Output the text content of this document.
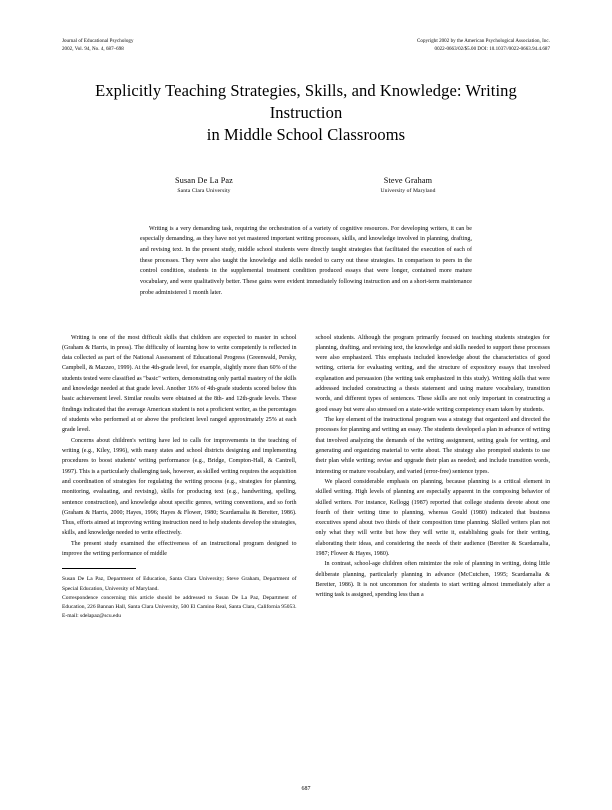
Journal of Educational Psychology
2002, Vol. 94, No. 4, 687–698
Copyright 2002 by the American Psychological Association, Inc.
0022-0663/02/$5.00 DOI: 10.1037//0022-0663.94.4.687
Explicitly Teaching Strategies, Skills, and Knowledge: Writing Instruction
in Middle School Classrooms
Susan De La Paz
Santa Clara University
Steve Graham
University of Maryland
Writing is a very demanding task, requiring the orchestration of a variety of cognitive resources. For developing writers, it can be especially demanding, as they have not yet mastered important writing processes, skills, and knowledge involved in planning, drafting, and revising text. In the present study, middle school students were directly taught strategies that facilitated the execution of each of these processes. They were also taught the knowledge and skills needed to carry out these strategies. In comparison to peers in the control condition, students in the supplemental treatment condition produced essays that were longer, contained more mature vocabulary, and were qualitatively better. These gains were evident immediately following instruction and on a short-term maintenance probe administered 1 month later.

Writing is one of the most difficult skills that children are expected to master in school (Graham & Harris, in press). The difficulty of learning how to write competently is reflected in data collected as part of the National Assessment of Educational Progress (Greenwald, Persky, Campbell, & Mazzeo, 1999). At the 4th-grade level, for example, slightly more than 60% of the students tested were classified as "basic" writers, demonstrating only partial mastery of the skills and knowledge needed at that grade level. Another 16% of 4th-grade students scored below this basic achievement level. Similar results were obtained at the 8th- and 12th-grade levels. These findings indicated that the average American student is not a proficient writer, as the percentages of students who performed at or above the proficient level ranged approximately 25% at each grade level.

Concerns about children's writing have led to calls for improvements in the teaching of writing (e.g., Kiley, 1996), with many states and school districts designing and implementing procedures to boost students' writing performance (e.g., Bridge, Compton-Hall, & Cantrell, 1997). This is a particularly challenging task, however, as skilled writing requires the acquisition and coordination of strategies for regulating the writing process (e.g., strategies for planning, monitoring, evaluating, and revising), skills for producing text (e.g., handwriting, spelling, sentence construction), and knowledge about specific genres, writing conventions, and so forth (Graham & Harris, 2000; Hayes, 1996; Hayes & Flower, 1980; Scardamalia & Bereiter, 1986). Thus, efforts aimed at improving writing instruction need to help students develop the strategies, skills, and knowledge needed to write effectively.

The present study examined the effectiveness of an instructional program designed to improve the writing performance of middle

Susan De La Paz, Department of Education, Santa Clara University; Steve Graham, Department of Special Education, University of Maryland.

Correspondence concerning this article should be addressed to Susan De La Paz, Department of Education, 226 Bannan Hall, Santa Clara University, 500 El Camino Real, Santa Clara, California 95053. E-mail: sdelapaz@scu.edu

school students. Although the program primarily focused on teaching students strategies for planning, drafting, and revising text, the knowledge and skills needed to support these processes were also emphasized. This emphasis included knowledge about the characteristics of good writing, criteria for evaluating writing, and the structure of expository essays that involved explanation and persuasion (the writing task emphasized in this study). Writing skills that were addressed included constructing a thesis statement and using mature vocabulary, transition words, and different types of sentences. These skills are not only important in constructing a good essay but were also stressed on a state-wide writing competency exam taken by students.

The key element of the instructional program was a strategy that organized and directed the processes for planning and writing an essay. The students developed a plan in advance of writing that involved analyzing the demands of the writing assignment, setting goals for writing, and generating and organizing material to write about. The strategy also prompted students to use their plan while writing; revise and upgrade their plan as needed; and include transition words, interesting or mature vocabulary, and varied (error-free) sentence types.

We placed considerable emphasis on planning, because planning is a critical element in skilled writing. High levels of planning are especially apparent in the composing behavior of skilled writers. For instance, Kellogg (1987) reported that college students devote about one fourth of their writing time to planning, whereas Gould (1980) indicated that business executives spend about two thirds of their composition time planning. Skilled writers plan not only what they will write but how they will write it, establishing goals for their writing, elaborating their ideas, and considering the needs of their audience (Bereiter & Scardamalia, 1987; Flower & Hayes, 1980).

In contrast, school-age children often minimize the role of planning in writing, doing little deliberate planning, particularly planning in advance (McCutchen, 1995; Scardamalia & Bereiter, 1986). It is not uncommon for students to start writing almost immediately after a writing task is assigned, spending less than a

687
